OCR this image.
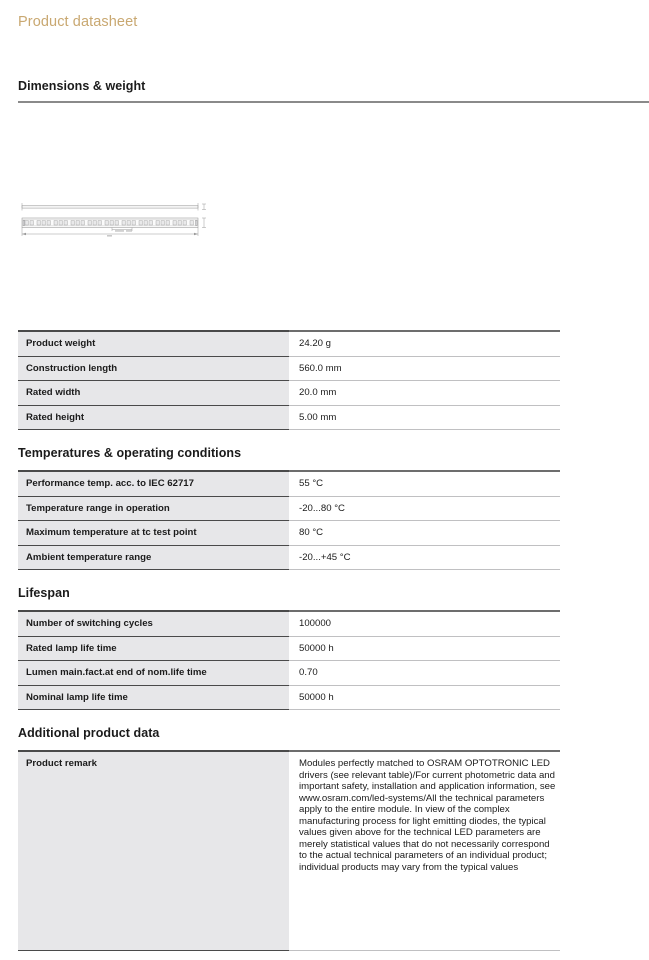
Product datasheet
Dimensions & weight

Product weight	24.20 g
Construction length	560.0 mm
Rated width	20.0 mm
Rated height	5.00 mm
Temperatures & operating conditions

Performance temp. acc. to IEC 62717	55 °C
Temperature range in operation	-20...80 °C
Maximum temperature at tc test point	80 °C
Ambient temperature range	-20...+45 °C
Lifespan

Number of switching cycles	100000
Rated lamp life time	50000 h
Lumen main.fact.at end of nom.life time	0.70
Nominal lamp life time	50000 h
Additional product data

Product remark	Modules perfectly matched to OSRAM OPTOTRONIC LED drivers (see relevant table)/For current photometric data and important safety, installation and application information, see www.osram.com/led-systems/All the technical parameters apply to the entire module. In view of the complex manufacturing process for light emitting diodes, the typical values given above for the technical LED parameters are merely statistical values that do not necessarily correspond to the actual technical parameters of an individual product; individual products may vary from the typical values
